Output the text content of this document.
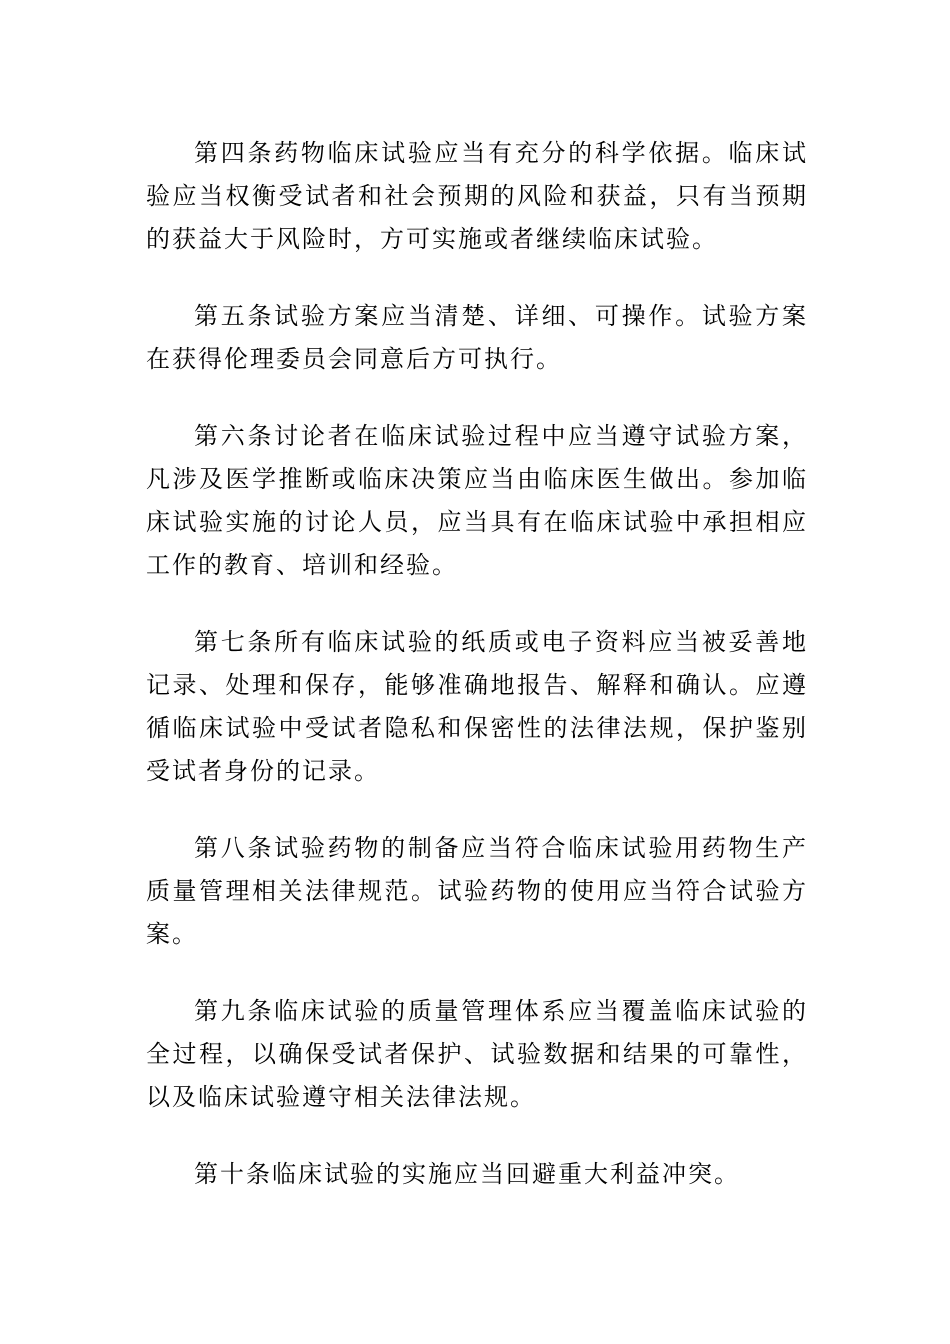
第四条药物临床试验应当有充分的科学依据。临床试验应当权衡受试者和社会预期的风险和获益，只有当预期的获益大于风险时，方可实施或者继续临床试验。

第五条试验方案应当清楚、详细、可操作。试验方案在获得伦理委员会同意后方可执行。

第六条讨论者在临床试验过程中应当遵守试验方案，凡涉及医学推断或临床决策应当由临床医生做出。参加临床试验实施的讨论人员，应当具有在临床试验中承担相应工作的教育、培训和经验。

第七条所有临床试验的纸质或电子资料应当被妥善地记录、处理和保存，能够准确地报告、解释和确认。应遵循临床试验中受试者隐私和保密性的法律法规，保护鉴别受试者身份的记录。

第八条试验药物的制备应当符合临床试验用药物生产质量管理相关法律规范。试验药物的使用应当符合试验方案。

第九条临床试验的质量管理体系应当覆盖临床试验的全过程，以确保受试者保护、试验数据和结果的可靠性，以及临床试验遵守相关法律法规。

第十条临床试验的实施应当回避重大利益冲突。
